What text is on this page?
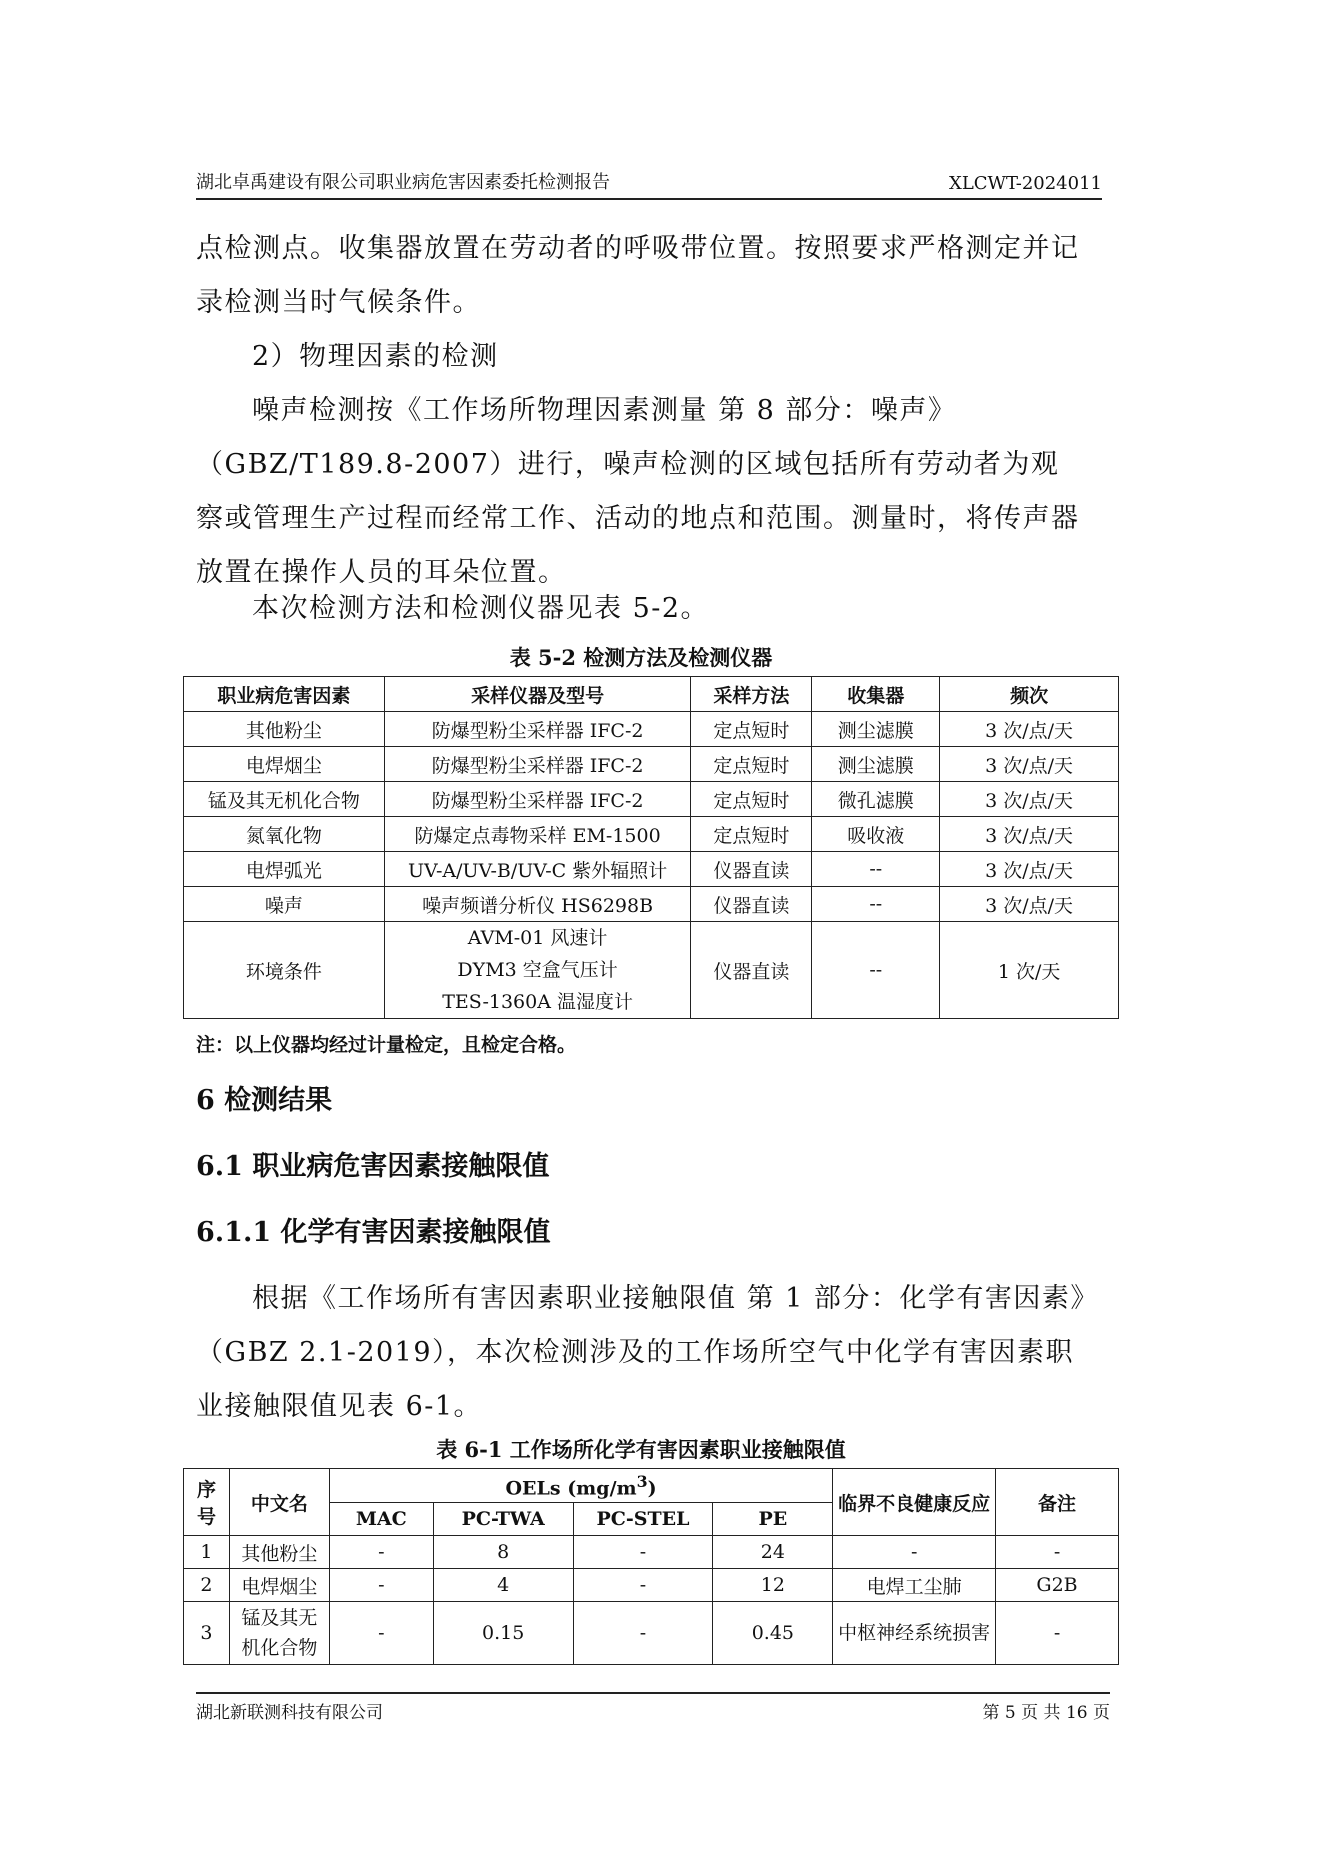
湖北卓禹建设有限公司职业病危害因素委托检测报告	XLCWT-2024011

点检测点。收集器放置在劳动者的呼吸带位置。按照要求严格测定并记录检测当时气候条件。

2）物理因素的检测

噪声检测按《工作场所物理因素测量 第 8 部分：噪声》（GBZ/T189.8-2007）进行，噪声检测的区域包括所有劳动者为观察或管理生产过程而经常工作、活动的地点和范围。测量时，将传声器放置在操作人员的耳朵位置。

本次检测方法和检测仪器见表 5-2。

表 5-2 检测方法及检测仪器
职业病危害因素	采样仪器及型号	采样方法	收集器	频次
其他粉尘	防爆型粉尘采样器 IFC-2	定点短时	测尘滤膜	3 次/点/天
电焊烟尘	防爆型粉尘采样器 IFC-2	定点短时	测尘滤膜	3 次/点/天
锰及其无机化合物	防爆型粉尘采样器 IFC-2	定点短时	微孔滤膜	3 次/点/天
氮氧化物	防爆定点毒物采样 EM-1500	定点短时	吸收液	3 次/点/天
电焊弧光	UV-A/UV-B/UV-C 紫外辐照计	仪器直读	--	3 次/点/天
噪声	噪声频谱分析仪 HS6298B	仪器直读	--	3 次/点/天
环境条件	AVM-01 风速计
DYM3 空盒气压计
TES-1360A 温湿度计	仪器直读	--	1 次/天
注：以上仪器均经过计量检定，且检定合格。
6 检测结果
6.1 职业病危害因素接触限值
6.1.1 化学有害因素接触限值

根据《工作场所有害因素职业接触限值 第 1 部分：化学有害因素》（GBZ 2.1-2019），本次检测涉及的工作场所空气中化学有害因素职业接触限值见表 6-1。

表 6-1 工作场所化学有害因素职业接触限值
序号	中文名	OELs $(mg/m^3)$				临界不良健康反应	备注
		MAC	PC-TWA	PC-STEL	PE		
1	其他粉尘	-	8	-	24	-	-
2	电焊烟尘	-	4	-	12	电焊工尘肺	G2B
3	锰及其无机化合物	-	0.15	-	0.45	中枢神经系统损害	-
湖北新联测科技有限公司	第 5 页 共 16 页
